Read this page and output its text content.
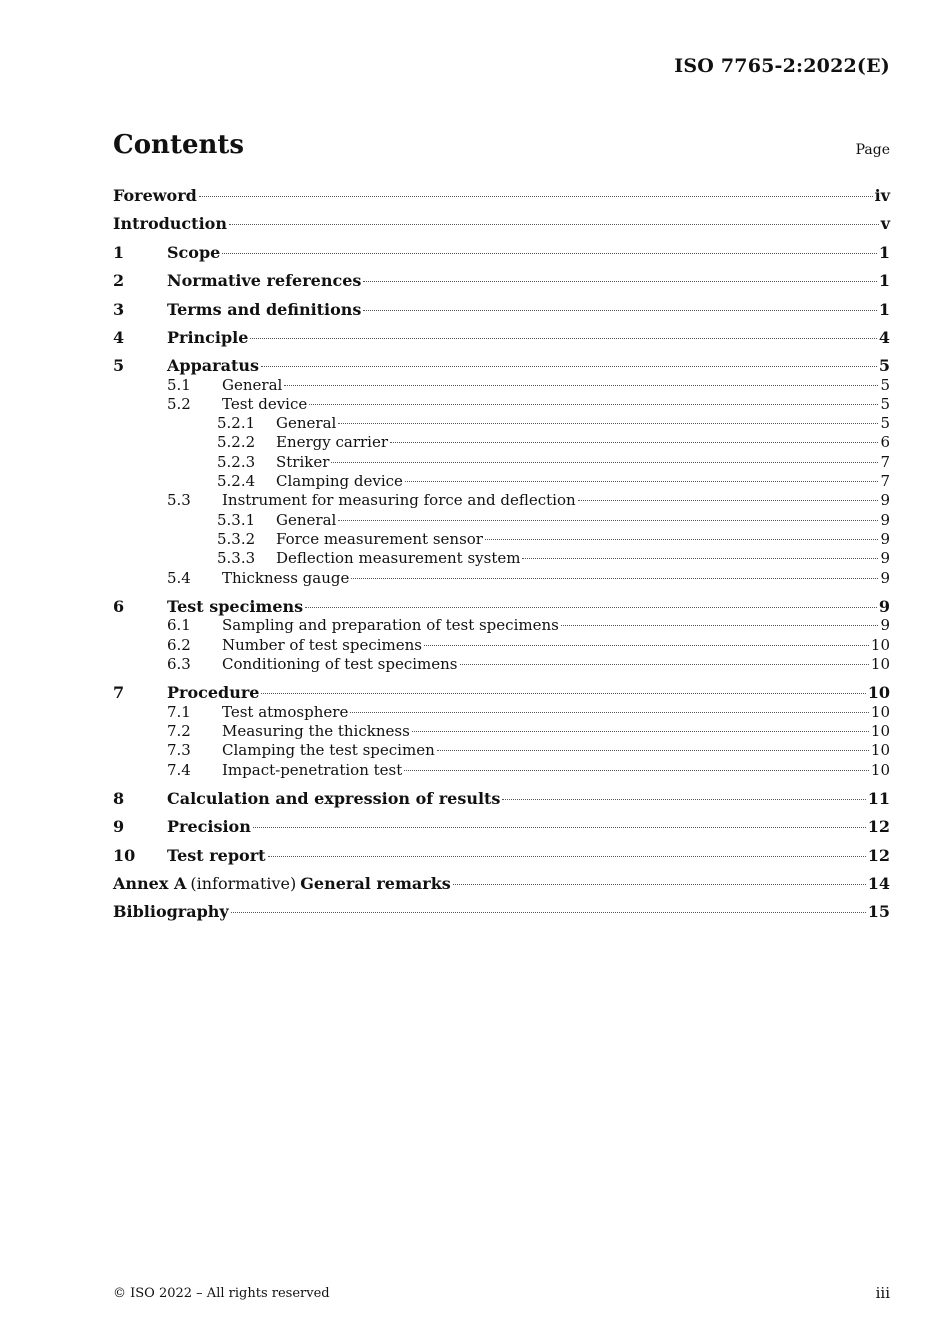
ISO 7765-2:2022(E)
Contents	Page
Foreword	iv
Introduction	v
1	Scope	1
2	Normative references	1
3	Terms and definitions	1
4	Principle	4
5	Apparatus	5
5.1	General	5
5.2	Test device	5
5.2.1	General	5
5.2.2	Energy carrier	6
5.2.3	Striker	7
5.2.4	Clamping device	7
5.3	Instrument for measuring force and deflection	9
5.3.1	General	9
5.3.2	Force measurement sensor	9
5.3.3	Deflection measurement system	9
5.4	Thickness gauge	9
6	Test specimens	9
6.1	Sampling and preparation of test specimens	9
6.2	Number of test specimens	10
6.3	Conditioning of test specimens	10
7	Procedure	10
7.1	Test atmosphere	10
7.2	Measuring the thickness	10
7.3	Clamping the test specimen	10
7.4	Impact-penetration test	10
8	Calculation and expression of results	11
9	Precision	12
10	Test report	12
Annex A (informative) General remarks	14
Bibliography	15
© ISO 2022 – All rights reserved	iii
